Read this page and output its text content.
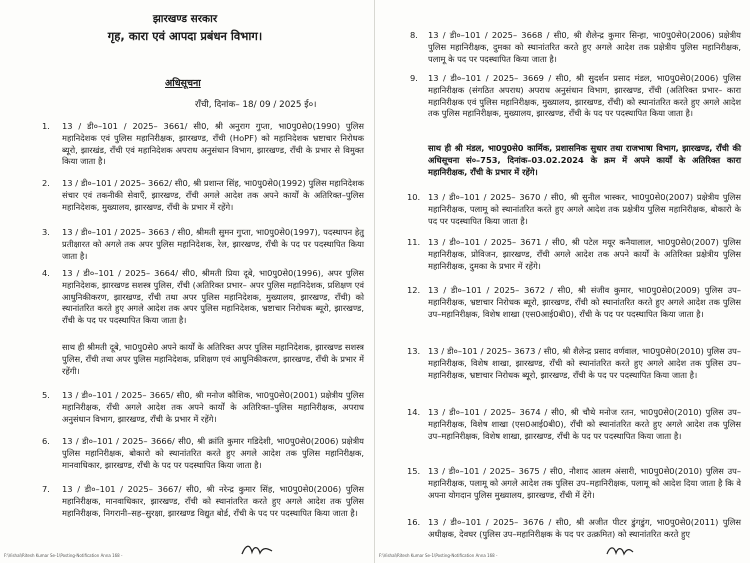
झारखण्ड सरकार

गृह, कारा एवं आपदा प्रबंधन विभाग।

अधिसूचना

राँची, दिनांक– 18/ 09 / 2025 ई०।

1.	13 / डी०–101 / 2025– 3661/ सी0, श्री अनुराग गुप्ता, भा0पु0से0(1990) पुलिस महानिदेशक एवं पुलिस महानिरीक्षक, झारखण्ड, राँची (HoPF) को महानिदेशक भ्रष्टाचार निरोधक ब्यूरो, झारखंड, राँची एवं महानिदेशक अपराध अनुसंधान विभाग, झारखण्ड, राँची के प्रभार से विमुक्त किया जाता है।

2.	13 / डी०–101 / 2025– 3662/ सी0, श्री प्रशान्त सिंह, भा0पु0से0(1992) पुलिस महानिदेशक संचार एवं तकनीकी सेवाएँ, झारखण्ड, राँची अगले आदेश तक अपने कार्यों के अतिरिक्त–पुलिस महानिदेशक, मुख्यालय, झारखण्ड, राँची के प्रभार में रहेंगे।

3.	13 / डी०–101 / 2025– 3663 / सी0, श्रीमती सुमन गुप्ता, भा0पु0से0(1997), पदस्थापन हेतु प्रतीक्षारत को अगले तक अपर पुलिस महानिदेशक, रेल, झारखण्ड, राँची के पद पर पदस्थापित किया जाता है।

4.	13 / डी०–101 / 2025– 3664/ सी0, श्रीमती प्रिया दूबे, भा0पु0से0(1996), अपर पुलिस महानिदेशक, झारखण्ड सशस्त्र पुलिस, राँची (अतिरिक्त प्रभार– अपर पुलिस महानिदेशक, प्रशिक्षण एवं आधुनिकीकरण, झारखण्ड, राँची तथा अपर पुलिस महानिदेशक, मुख्यालय, झारखण्ड, राँची) को स्थानांतरित करते हुए अगले आदेश तक अपर पुलिस महानिदेशक, भ्रष्टाचार निरोधक ब्यूरो, झारखण्ड, राँची के पद पर पदस्थापित किया जाता है।

साथ ही श्रीमती दूबे, भा0पु0से0 अपने कार्यों के अतिरिक्त अपर पुलिस महानिदेशक, झारखण्ड सशस्त्र पुलिस, राँची तथा अपर पुलिस महानिदेशक, प्रशिक्षण एवं आधुनिकीकरण, झारखण्ड, राँची के प्रभार में रहेंगी।

5.	13 / डी०–101 / 2025– 3665/ सी0, श्री मनोज कौशिक, भा0पु0से0(2001) प्रक्षेत्रीय पुलिस महानिरीक्षक, राँची अगले आदेश तक अपने कार्यों के अतिरिक्त–पुलिस महानिरीक्षक, अपराध अनुसंधान विभाग, झारखण्ड, राँची के प्रभार में रहेंगे।

6.	13 / डी०–101 / 2025– 3666/ सी0, श्री क्रांति कुमार गडिदेशी, भा0पु0से0(2006) प्रक्षेत्रीय पुलिस महानिरीक्षक, बोकारो को स्थानांतरित करते हुए अगले आदेश तक पुलिस महानिरीक्षक, मानवाधिकार, झारखण्ड, राँची के पद पर पदस्थापित किया जाता है।

7.	13 / डी०–101 / 2025– 3667/ सी0, श्री नरेन्द्र कुमार सिंह, भा0पु0से0(2006) पुलिस महानिरीक्षक, मानवाधिकार, झारखण्ड, राँची को स्थानांतरित करते हुए अगले आदेश तक पुलिस महानिरीक्षक, निगरानी–सह–सुरक्षा, झारखण्ड विद्युत बोर्ड, राँची के पद पर पदस्थापित किया जाता है।

F:\Vishal\Ritesh Kumar Se-1\Posting-Notification Anna 168 -

8.	13 / डी०–101 / 2025– 3668 / सी0, श्री शैलेन्द्र कुमार सिन्हा, भा0पु0से0(2006) प्रक्षेत्रीय पुलिस महानिरीक्षक, दुमका को स्थानांतरित करते हुए अगले आदेश तक प्रक्षेत्रीय पुलिस महानिरीक्षक, पलामू के पद पर पदस्थापित किया जाता है।

9.	13 / डी०–101 / 2025– 3669 / सी0, श्री सुदर्शन प्रसाद मंडल, भा0पु0से0(2006) पुलिस महानिरीक्षक (संगठित अपराध) अपराध अनुसंधान विभाग, झारखण्ड, राँची (अतिरिक्त प्रभार– कारा महानिरीक्षक एवं पुलिस महानिरीक्षक, मुख्यालय, झारखण्ड, राँची) को स्थानांतरित करते हुए अगले आदेश तक पुलिस महानिरीक्षक, मुख्यालय, झारखण्ड, राँची के पद पर पदस्थापित किया जाता है।

साथ ही श्री मंडल, भा0पु0से0 कार्मिक, प्रशासनिक सुधार तथा राजभाषा विभाग, झारखण्ड, राँची की अधिसूचना सं०–753, दिनांक–03.02.2024 के क्रम में अपने कार्यों के अतिरिक्त कारा महानिरीक्षक, राँची के प्रभार में रहेंगे।

10. 13 / डी०–101 / 2025– 3670 / सी0, श्री सुनील भास्कर, भा0पु0से0(2007) प्रक्षेत्रीय पुलिस महानिरीक्षक, पलामू को स्थानांतरित करते हुए अगले आदेश तक प्रक्षेत्रीय पुलिस महानिरीक्षक, बोकारो के पद पर पदस्थापित किया जाता है।

11. 13 / डी०–101 / 2025– 3671 / सी0, श्री पटेल मयूर कनैयालाल, भा0पु0से0(2007) पुलिस महानिरीक्षक, प्रोविजन, झारखण्ड, राँची अगले आदेश तक अपने कार्यों के अतिरिक्त प्रक्षेत्रीय पुलिस महानिरीक्षक, दुमका के प्रभार में रहेंगे।

12. 13 / डी०–101 / 2025– 3672 / सी0, श्री संजीव कुमार, भा0पु0से0(2009) पुलिस उप–महानिरीक्षक, भ्रष्टाचार निरोधक ब्यूरो, झारखण्ड, राँची को स्थानांतरित करते हुए अगले आदेश तक पुलिस उप–महानिरीक्षक, विशेष शाखा (एस0आई0बी0), राँची के पद पर पदस्थापित किया जाता है।

13. 13 / डी०–101 / 2025– 3673 / सी0, श्री शैलेन्द्र प्रसाद वर्णवाल, भा0पु0से0(2010) पुलिस उप–महानिरीक्षक, विशेष शाखा, झारखण्ड, राँची को स्थानांतरित करते हुए अगले आदेश तक पुलिस उप–महानिरीक्षक, भ्रष्टाचार निरोधक ब्यूरो, झारखण्ड, राँची के पद पर पदस्थापित किया जाता है।

14. 13 / डी०–101 / 2025– 3674 / सी0, श्री चौथे मनोज रतन, भा0पु0से0(2010) पुलिस उप–महानिरीक्षक, विशेष शाखा (एस0आई0बी0), राँची को स्थानांतरित करते हुए अगले आदेश तक पुलिस उप–महानिरीक्षक, विशेष शाखा, झारखण्ड, राँची के पद पर पदस्थापित किया जाता है।

15. 13 / डी०–101 / 2025– 3675 / सी0, नौशाद आलम अंसारी, भा0पु0से0(2010) पुलिस उप–महानिरीक्षक, पलामू को अगले आदेश तक पुलिस उप–महानिरीक्षक, पलामू को आदेश दिया जाता है कि वे अपना योगदान पुलिस मुख्यालय, झारखण्ड, राँची में देंगे।

16. 13 / डी०–101 / 2025– 3676 / सी0, श्री अजीत पीटर डुंगडुंग, भा0पु0से0(2011) पुलिस अधीक्षक, देवघर (पुलिस उप–महानिरीक्षक के पद पर उत्क्रमित) को स्थानांतरित करते हुए

F:\Vishal\Ritesh Kumar Se-1\Posting-Notification Anna 168 -
